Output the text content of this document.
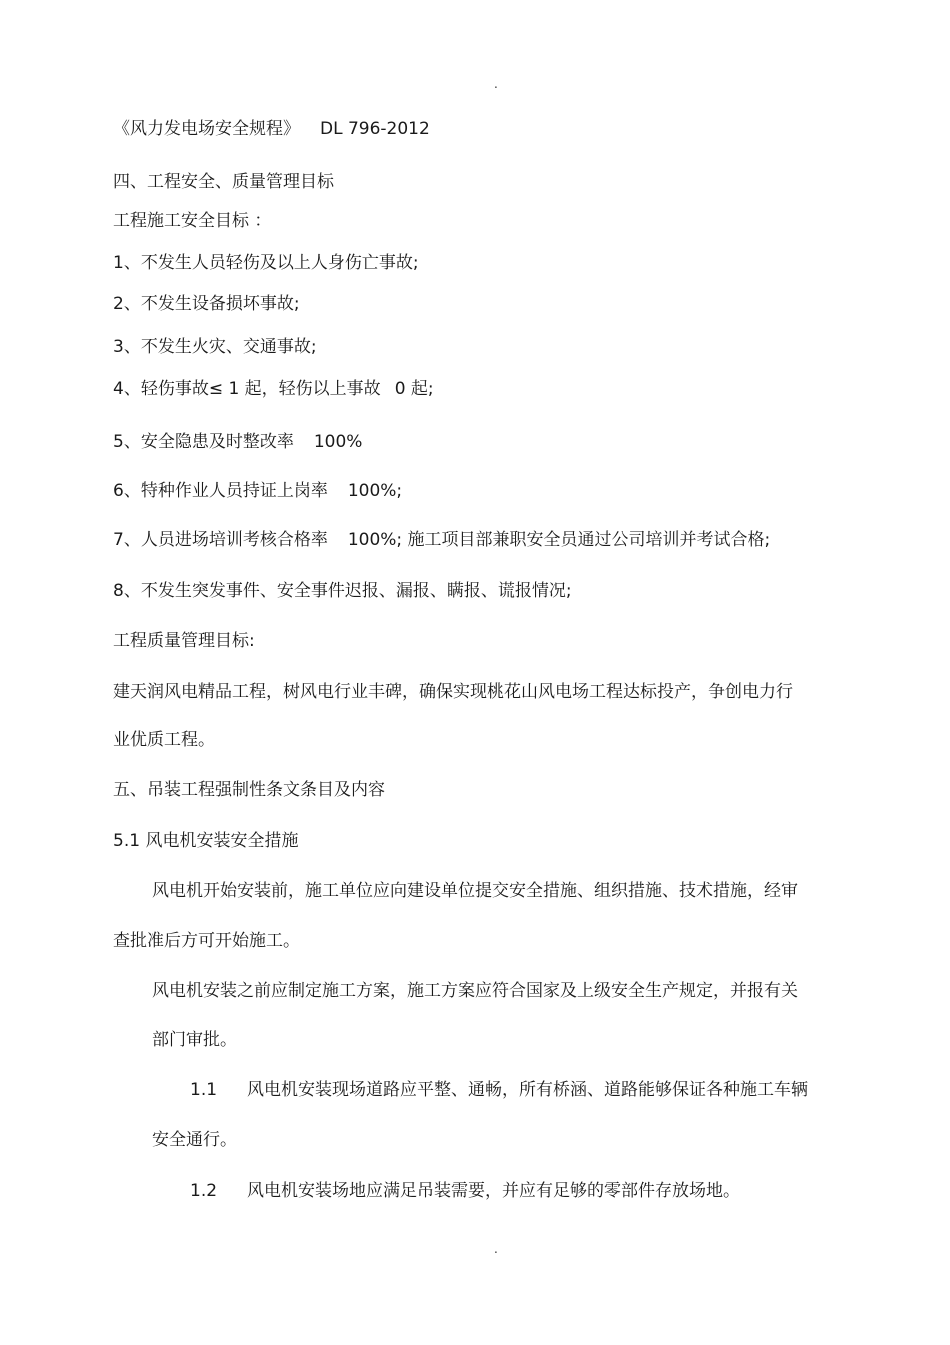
.
《风力发电场安全规程》 DL 796-2012
四、工程安全、质量管理目标
工程施工安全目标 ：
1、不发生人员轻伤及以上人身伤亡事故;
2、不发生设备损坏事故;
3、不发生火灾、交通事故;
4、轻伤事故≤ 1 起，轻伤以上事故 0 起;
5、安全隐患及时整改率 100%
6、特种作业人员持证上岗率 100%;
7、人员进场培训考核合格率 100%; 施工项目部兼职安全员通过公司培训并考试合格;
8、不发生突发事件、安全事件迟报、漏报、瞒报、谎报情况;
工程质量管理目标:
建天润风电精品工程，树风电行业丰碑，确保实现桃花山风电场工程达标投产，争创电力行
业优质工程。
五、吊装工程强制性条文条目及内容
5.1 风电机安装安全措施
风电机开始安装前，施工单位应向建设单位提交安全措施、组织措施、技术措施，经审
查批准后方可开始施工。
风电机安装之前应制定施工方案，施工方案应符合国家及上级安全生产规定，并报有关
部门审批。
1.1 风电机安装现场道路应平整、通畅，所有桥涵、道路能够保证各种施工车辆
安全通行。
1.2 风电机安装场地应满足吊装需要，并应有足够的零部件存放场地。
.
